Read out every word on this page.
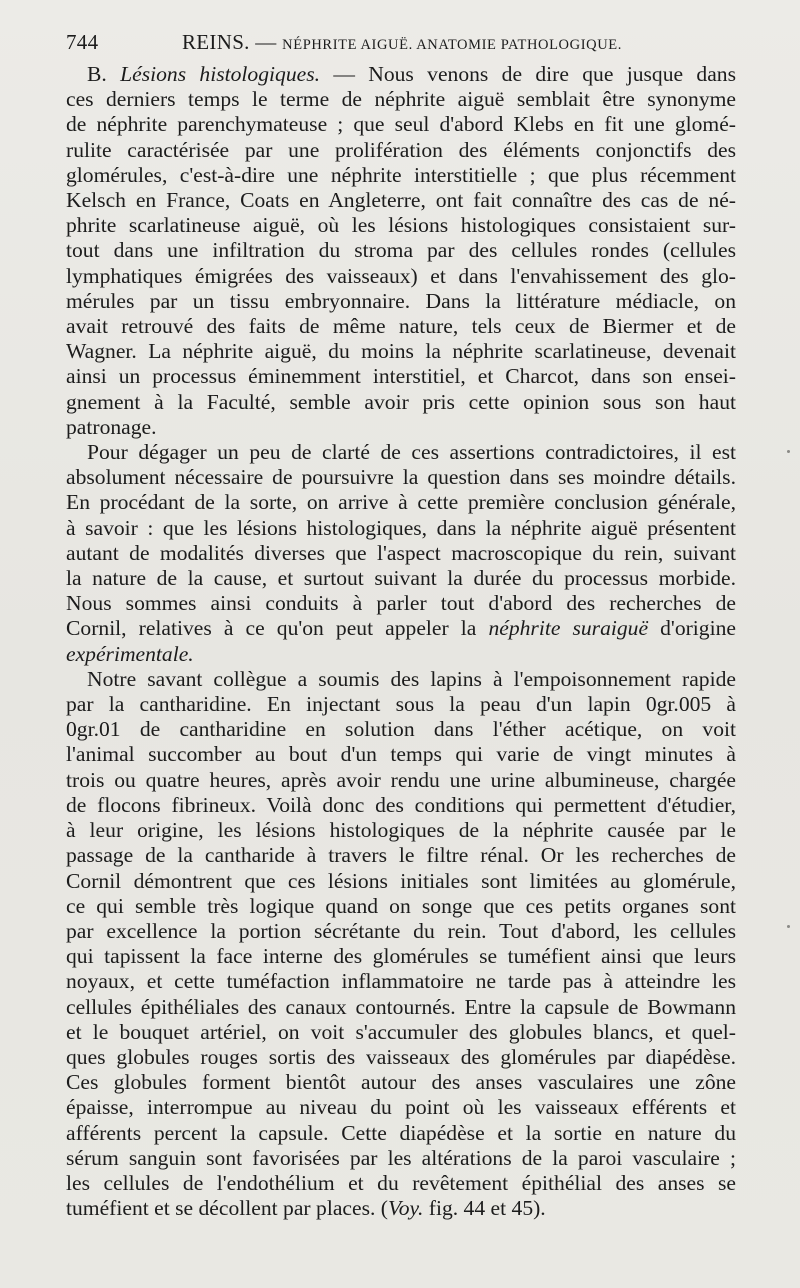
744	REINS. — NÉPHRITE AIGUË. ANATOMIE PATHOLOGIQUE.
B. Lésions histologiques. — Nous venons de dire que jusque dans
ces derniers temps le terme de néphrite aiguë semblait être synonyme
de néphrite parenchymateuse ; que seul d'abord Klebs en fit une glomé-
rulite caractérisée par une prolifération des éléments conjonctifs des
glomérules, c'est-à-dire une néphrite interstitielle ; que plus récemment
Kelsch en France, Coats en Angleterre, ont fait connaître des cas de né-
phrite scarlatineuse aiguë, où les lésions histologiques consistaient sur-
tout dans une infiltration du stroma par des cellules rondes (cellules
lymphatiques émigrées des vaisseaux) et dans l'envahissement des glo-
mérules par un tissu embryonnaire. Dans la littérature médiacle, on
avait retrouvé des faits de même nature, tels ceux de Biermer et de
Wagner. La néphrite aiguë, du moins la néphrite scarlatineuse, devenait
ainsi un processus éminemment interstitiel, et Charcot, dans son ensei-
gnement à la Faculté, semble avoir pris cette opinion sous son haut
patronage.
Pour dégager un peu de clarté de ces assertions contradictoires, il est
absolument nécessaire de poursuivre la question dans ses moindre détails.
En procédant de la sorte, on arrive à cette première conclusion générale,
à savoir : que les lésions histologiques, dans la néphrite aiguë présentent
autant de modalités diverses que l'aspect macroscopique du rein, suivant
la nature de la cause, et surtout suivant la durée du processus morbide.
Nous sommes ainsi conduits à parler tout d'abord des recherches de
Cornil, relatives à ce qu'on peut appeler la néphrite suraiguë d'origine
expérimentale.
Notre savant collègue a soumis des lapins à l'empoisonnement rapide
par la cantharidine. En injectant sous la peau d'un lapin 0gr.005 à
0gr.01 de cantharidine en solution dans l'éther acétique, on voit
l'animal succomber au bout d'un temps qui varie de vingt minutes à
trois ou quatre heures, après avoir rendu une urine albumineuse, chargée
de flocons fibrineux. Voilà donc des conditions qui permettent d'étudier,
à leur origine, les lésions histologiques de la néphrite causée par le
passage de la cantharide à travers le filtre rénal. Or les recherches de
Cornil démontrent que ces lésions initiales sont limitées au glomérule,
ce qui semble très logique quand on songe que ces petits organes sont
par excellence la portion sécrétante du rein. Tout d'abord, les cellules
qui tapissent la face interne des glomérules se tuméfient ainsi que leurs
noyaux, et cette tuméfaction inflammatoire ne tarde pas à atteindre les
cellules épithéliales des canaux contournés. Entre la capsule de Bowmann
et le bouquet artériel, on voit s'accumuler des globules blancs, et quel-
ques globules rouges sortis des vaisseaux des glomérules par diapédèse.
Ces globules forment bientôt autour des anses vasculaires une zône
épaisse, interrompue au niveau du point où les vaisseaux efférents et
afférents percent la capsule. Cette diapédèse et la sortie en nature du
sérum sanguin sont favorisées par les altérations de la paroi vasculaire ;
les cellules de l'endothélium et du revêtement épithélial des anses se
tuméfient et se décollent par places. (Voy. fig. 44 et 45).
